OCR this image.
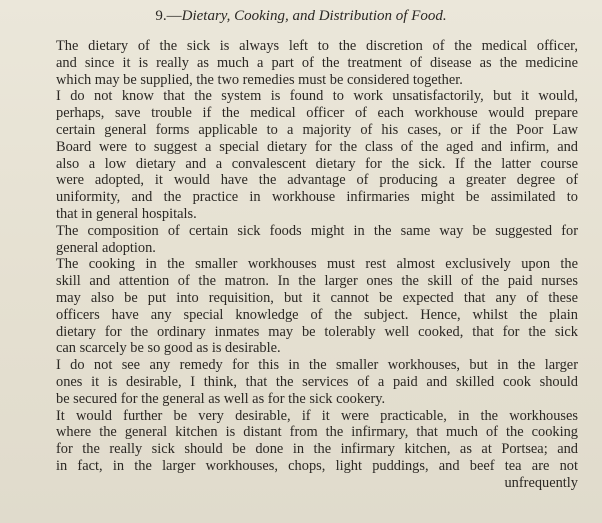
9.—Dietary, Cooking, and Distribution of Food.
The dietary of the sick is always left to the discretion of the medical officer,
and since it is really as much a part of the treatment of disease as the medicine
which may be supplied, the two remedies must be considered together.
I do not know that the system is found to work unsatisfactorily, but it would,
perhaps, save trouble if the medical officer of each workhouse would prepare
certain general forms applicable to a majority of his cases, or if the Poor Law
Board were to suggest a special dietary for the class of the aged and infirm, and
also a low dietary and a convalescent dietary for the sick. If the latter course
were adopted, it would have the advantage of producing a greater degree of
uniformity, and the practice in workhouse infirmaries might be assimilated to
that in general hospitals.
The composition of certain sick foods might in the same way be suggested for
general adoption.
The cooking in the smaller workhouses must rest almost exclusively upon the
skill and attention of the matron. In the larger ones the skill of the paid nurses
may also be put into requisition, but it cannot be expected that any of these
officers have any special knowledge of the subject. Hence, whilst the plain
dietary for the ordinary inmates may be tolerably well cooked, that for the sick
can scarcely be so good as is desirable.
I do not see any remedy for this in the smaller workhouses, but in the larger
ones it is desirable, I think, that the services of a paid and skilled cook should
be secured for the general as well as for the sick cookery.
It would further be very desirable, if it were practicable, in the workhouses
where the general kitchen is distant from the infirmary, that much of the cooking
for the really sick should be done in the infirmary kitchen, as at Portsea; and
in fact, in the larger workhouses, chops, light puddings, and beef tea are not
unfrequently
